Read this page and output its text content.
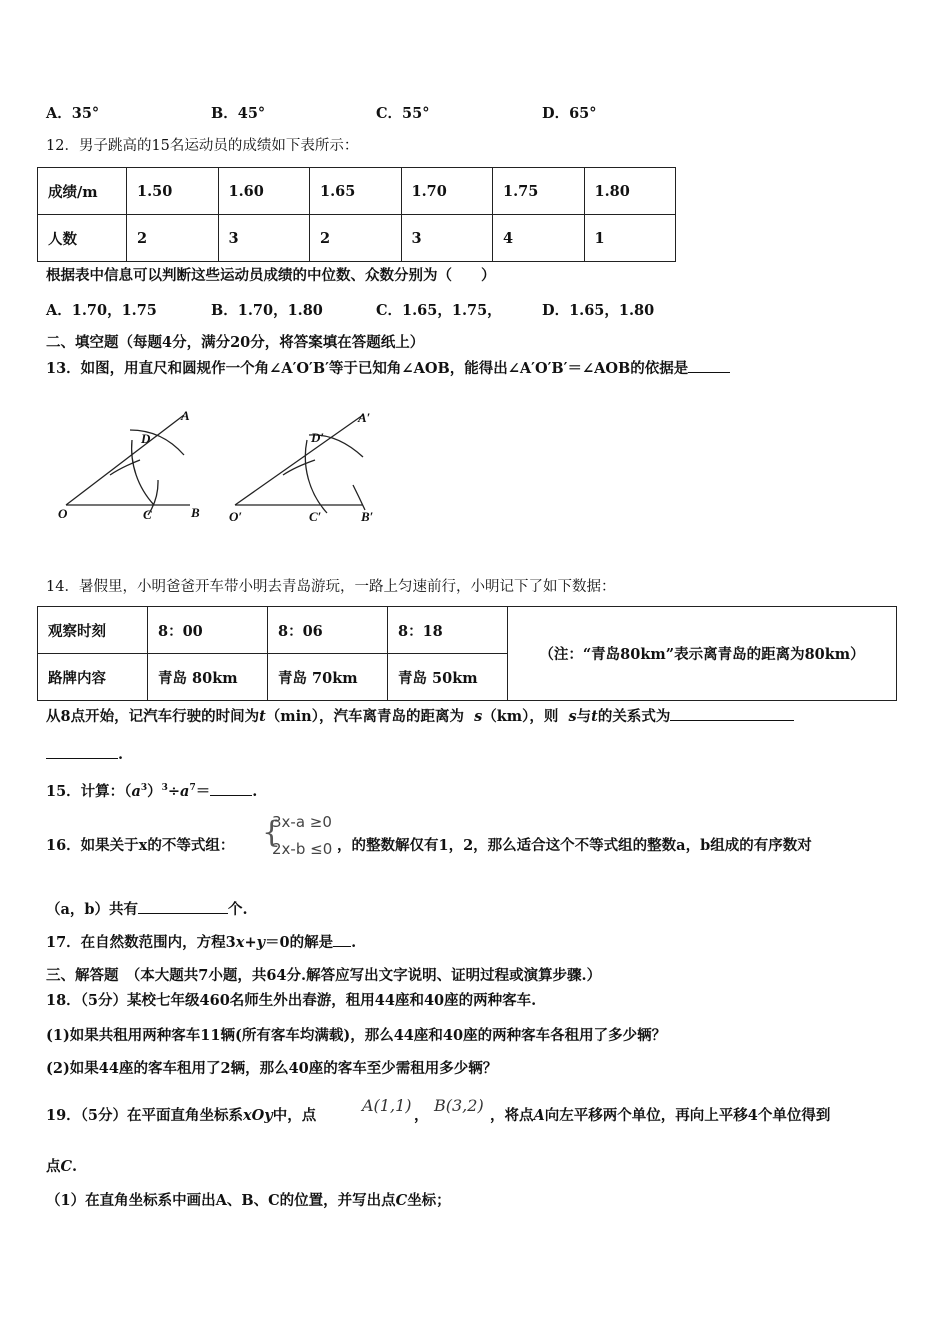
A．35°	B．45°	C．55°	D．65°
12．男子跳高的15名运动员的成绩如下表所示：
成绩/m	1.50	1.60	1.65	1.70	1.75	1.80
人数	2	3	2	3	4	1
根据表中信息可以判断这些运动员成绩的中位数、众数分别为（　　）
A．1.70，1.75	B．1.70，1.80	C．1.65，1.75，	D．1.65，1.80
二、填空题（每题4分，满分20分，将答案填在答题纸上）
13．如图，用直尺和圆规作一个角∠A′O′B′等于已知角∠AOB，能得出∠A′O′B′＝∠AOB的依据是
A
D
O	C	B
A′
D′
O′	C′	B′
14．暑假里，小明爸爸开车带小明去青岛游玩，一路上匀速前行，小明记下了如下数据：
观察时刻	8：00	8：06	8：18	（注：“青岛80km”表示离青岛的距离为80km）
路牌内容	青岛 80km	青岛 70km	青岛 50km	
从8点开始，记汽车行驶的时间为t（min），汽车离青岛的距离为 s（km），则 s与t的关系式为
.
15．计算：$(a^3)^3\div a^7=$	.
16．如果关于x的不等式组： {
3x-a ≥0
2x-b ≤0 ，的整数解仅有1，2，那么适合这个不等式组的整数a，b组成的有序数对
（a，b）共有	个.
17．在自然数范围内，方程3x+y＝0的解是 .
三、解答题　（本大题共7小题，共64分.解答应写出文字说明、证明过程或演算步骤.）
18．（5分）某校七年级460名师生外出春游，租用44座和40座的两种客车.
(1)如果共租用两种客车11辆(所有客车均满载)，那么44座和40座的两种客车各租用了多少辆？
(2)如果44座的客车租用了2辆，那么40座的客车至少需租用多少辆？
19．（5分）在平面直角坐标系xOy中，点
A(1,1)
，
B(3,2)
，将点A向左平移两个单位，再向上平移4个单位得到
点C.
（1）在直角坐标系中画出A、B、C的位置，并写出点C坐标；
